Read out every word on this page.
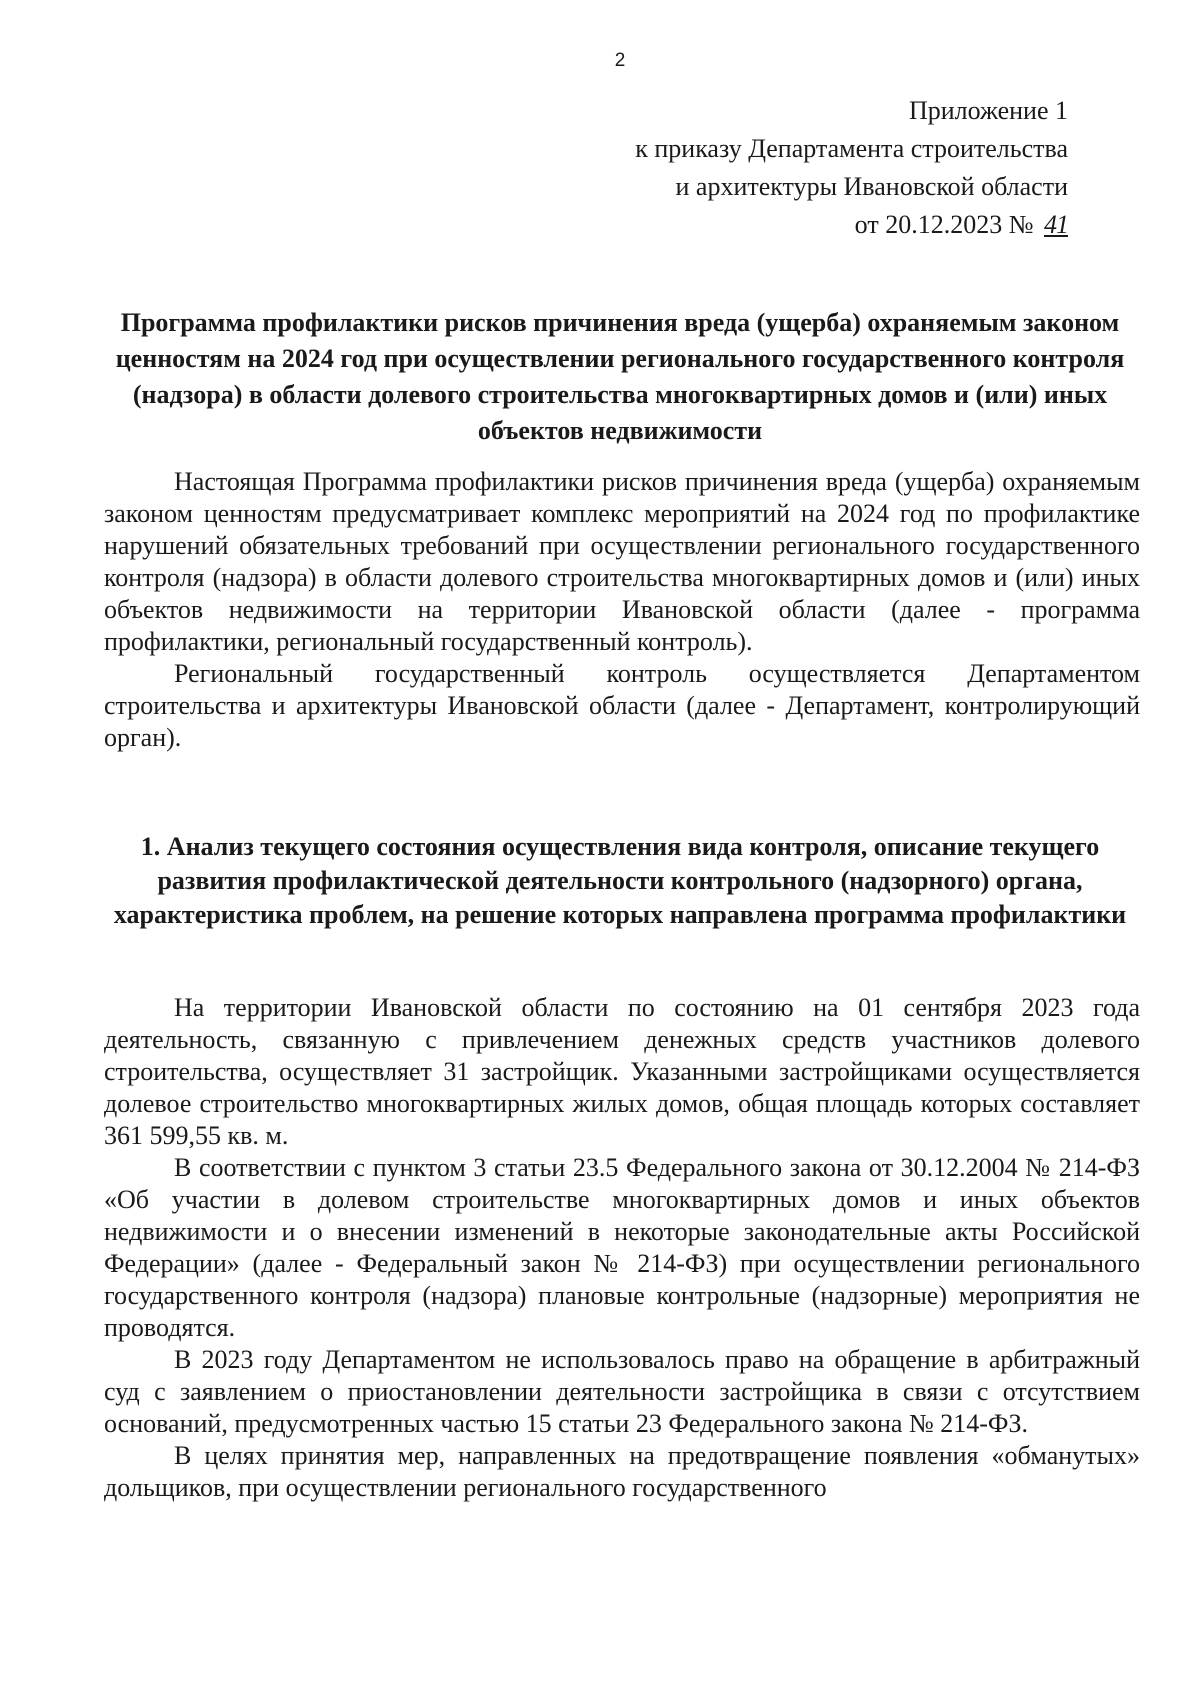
2
Приложение 1
к приказу Департамента строительства
и архитектуры Ивановской области
от 20.12.2023 № 41
Программа профилактики рисков причинения вреда (ущерба) охраняемым законом ценностям на 2024 год при осуществлении регионального государственного контроля (надзора) в области долевого строительства многоквартирных домов и (или) иных объектов недвижимости

Настоящая Программа профилактики рисков причинения вреда (ущерба) охраняемым законом ценностям предусматривает комплекс мероприятий на 2024 год по профилактике нарушений обязательных требований при осуществлении регионального государственного контроля (надзора) в области долевого строительства многоквартирных домов и (или) иных объектов недвижимости на территории Ивановской области (далее - программа профилактики, региональный государственный контроль).

Региональный государственный контроль осуществляется Департаментом строительства и архитектуры Ивановской области (далее - Департамент, контролирующий орган).

1. Анализ текущего состояния осуществления вида контроля, описание текущего развития профилактической деятельности контрольного (надзорного) органа, характеристика проблем, на решение которых направлена программа профилактики

На территории Ивановской области по состоянию на 01 сентября 2023 года деятельность, связанную с привлечением денежных средств участников долевого строительства, осуществляет 31 застройщик. Указанными застройщиками осуществляется долевое строительство многоквартирных жилых домов, общая площадь которых составляет 361 599,55 кв. м.

В соответствии с пунктом 3 статьи 23.5 Федерального закона от 30.12.2004 № 214-ФЗ «Об участии в долевом строительстве многоквартирных домов и иных объектов недвижимости и о внесении изменений в некоторые законодательные акты Российской Федерации» (далее - Федеральный закон № 214-ФЗ) при осуществлении регионального государственного контроля (надзора) плановые контрольные (надзорные) мероприятия не проводятся.

В 2023 году Департаментом не использовалось право на обращение в арбитражный суд с заявлением о приостановлении деятельности застройщика в связи с отсутствием оснований, предусмотренных частью 15 статьи 23 Федерального закона № 214-ФЗ.

В целях принятия мер, направленных на предотвращение появления «обманутых» дольщиков, при осуществлении регионального государственного
